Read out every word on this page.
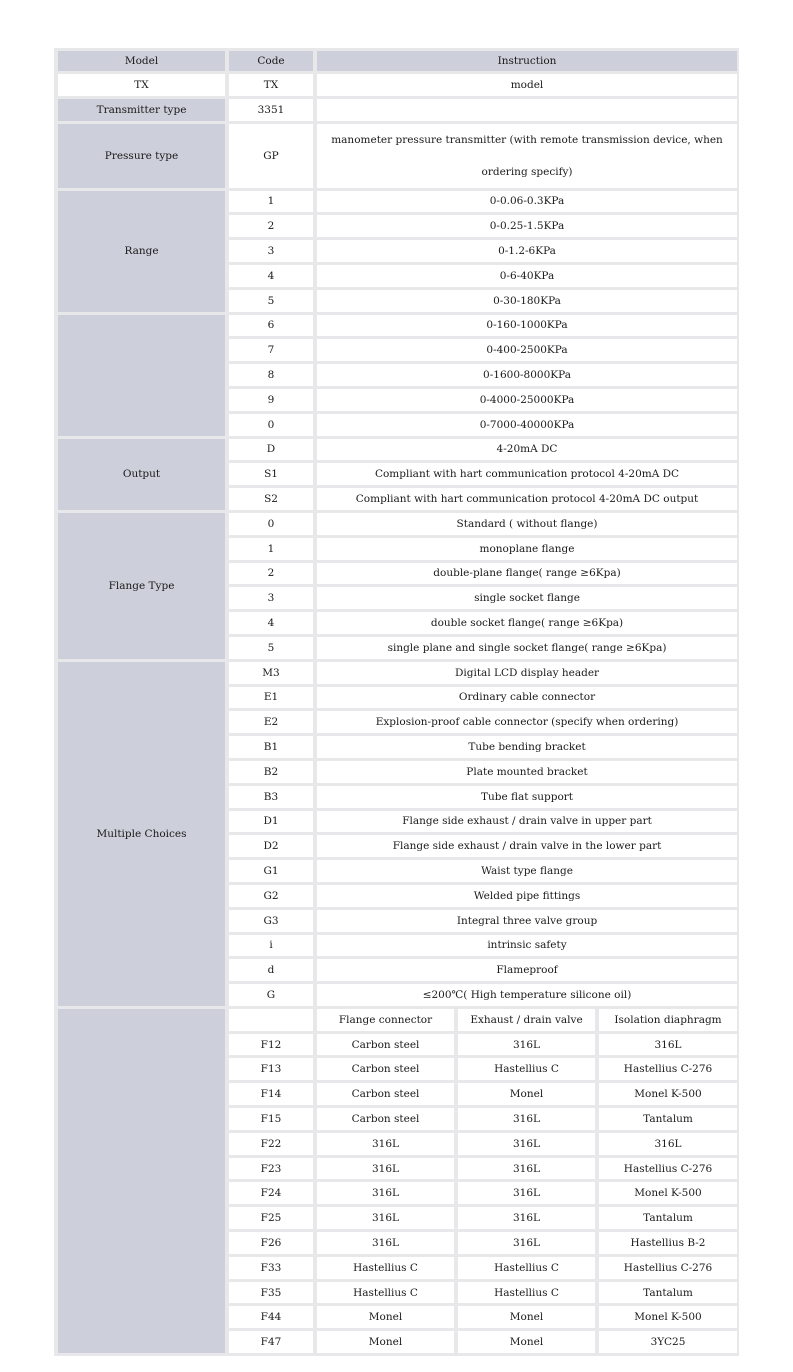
Model	Code	Instruction		
TX	TX	model		
Transmitter type	3351			
Pressure type	GP	manometer pressure transmitter (with remote transmission device, when ordering specify)		
Range	1	0-0.06-0.3KPa		
	2	0-0.25-1.5KPa		
	3	0-1.2-6KPa		
	4	0-6-40KPa		
	5	0-30-180KPa		
	6	0-160-1000KPa		
	7	0-400-2500KPa		
	8	0-1600-8000KPa		
	9	0-4000-25000KPa		
	0	0-7000-40000KPa		
Output	D	4-20mA DC		
	S1	Compliant with hart communication protocol 4-20mA DC		
	S2	Compliant with hart communication protocol 4-20mA DC output		
Flange Type	0	Standard ( without flange)		
	1	monoplane flange		
	2	double-plane flange( range ≥6Kpa)		
	3	single socket flange		
	4	double socket flange( range ≥6Kpa)		
	5	single plane and single socket flange( range ≥6Kpa)		
Multiple Choices	M3	Digital LCD display header		
	E1	Ordinary cable connector		
	E2	Explosion-proof cable connector (specify when ordering)		
	B1	Tube bending bracket		
	B2	Plate mounted bracket		
	B3	Tube flat support		
	D1	Flange side exhaust / drain valve in upper part		
	D2	Flange side exhaust / drain valve in the lower part		
	G1	Waist type flange		
	G2	Welded pipe fittings		
	G3	Integral three valve group		
	i	intrinsic safety		
	d	Flameproof		
	G	≤200℃( High temperature silicone oil)		
		Flange connector	Exhaust / drain valve	Isolation diaphragm
	F12	Carbon steel	316L	316L
	F13	Carbon steel	Hastellius C	Hastellius C-276
	F14	Carbon steel	Monel	Monel K-500
	F15	Carbon steel	316L	Tantalum
	F22	316L	316L	316L
	F23	316L	316L	Hastellius C-276
	F24	316L	316L	Monel K-500
	F25	316L	316L	Tantalum
	F26	316L	316L	Hastellius B-2
	F33	Hastellius C	Hastellius C	Hastellius C-276
	F35	Hastellius C	Hastellius C	Tantalum
	F44	Monel	Monel	Monel K-500
	F47	Monel	Monel	3YC25
